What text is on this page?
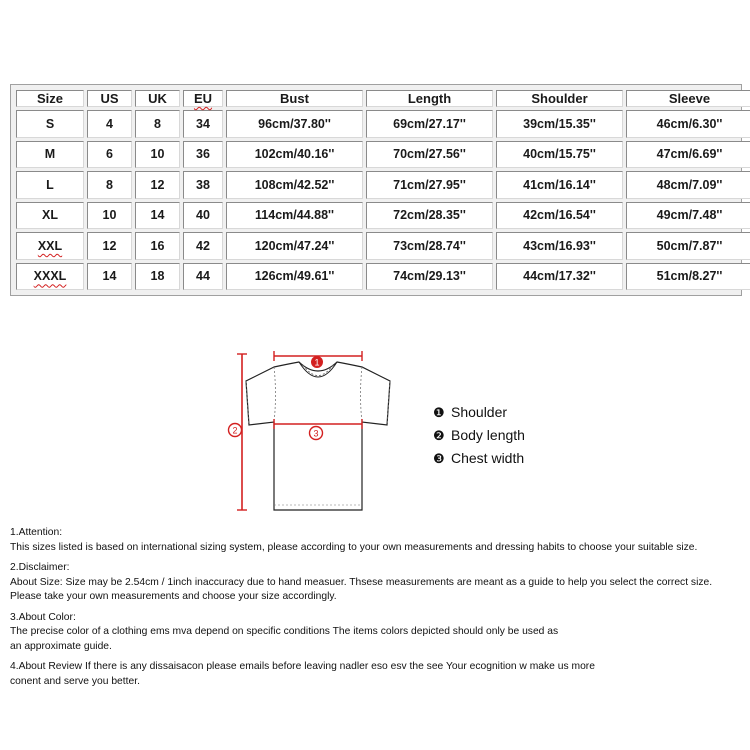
Size	US	UK	EU	Bust	Length	Shoulder	Sleeve
S	4	8	34	96cm/37.80''	69cm/27.17''	39cm/15.35''	46cm/6.30''
M	6	10	36	102cm/40.16''	70cm/27.56''	40cm/15.75''	47cm/6.69''
L	8	12	38	108cm/42.52''	71cm/27.95''	41cm/16.14''	48cm/7.09''
XL	10	14	40	114cm/44.88''	72cm/28.35''	42cm/16.54''	49cm/7.48''
XXL	12	16	42	120cm/47.24''	73cm/28.74''	43cm/16.93''	50cm/7.87''
XXXL	14	18	44	126cm/49.61''	74cm/29.13''	44cm/17.32''	51cm/8.27''
1
2	3
❶ Shoulder
❷ Body length
❸ Chest width
1.Attention:
This sizes listed is based on international sizing system, please according to your own measurements and dressing habits to choose your suitable size.
2.Disclaimer:
About Size: Size may be 2.54cm / 1inch inaccuracy due to hand measuer. Thsese measurements are meant as a guide to help you select the correct size.
Please take your own measurements and choose your size accordingly.
3.About Color:
The precise color of a clothing ems mva depend on specific conditions The items colors depicted should only be used as
an approximate guide.
4.About Review If there is any dissaisacon please emails before leaving nadler eso esv the see Your ecognition w make us more
conent and serve you better.
